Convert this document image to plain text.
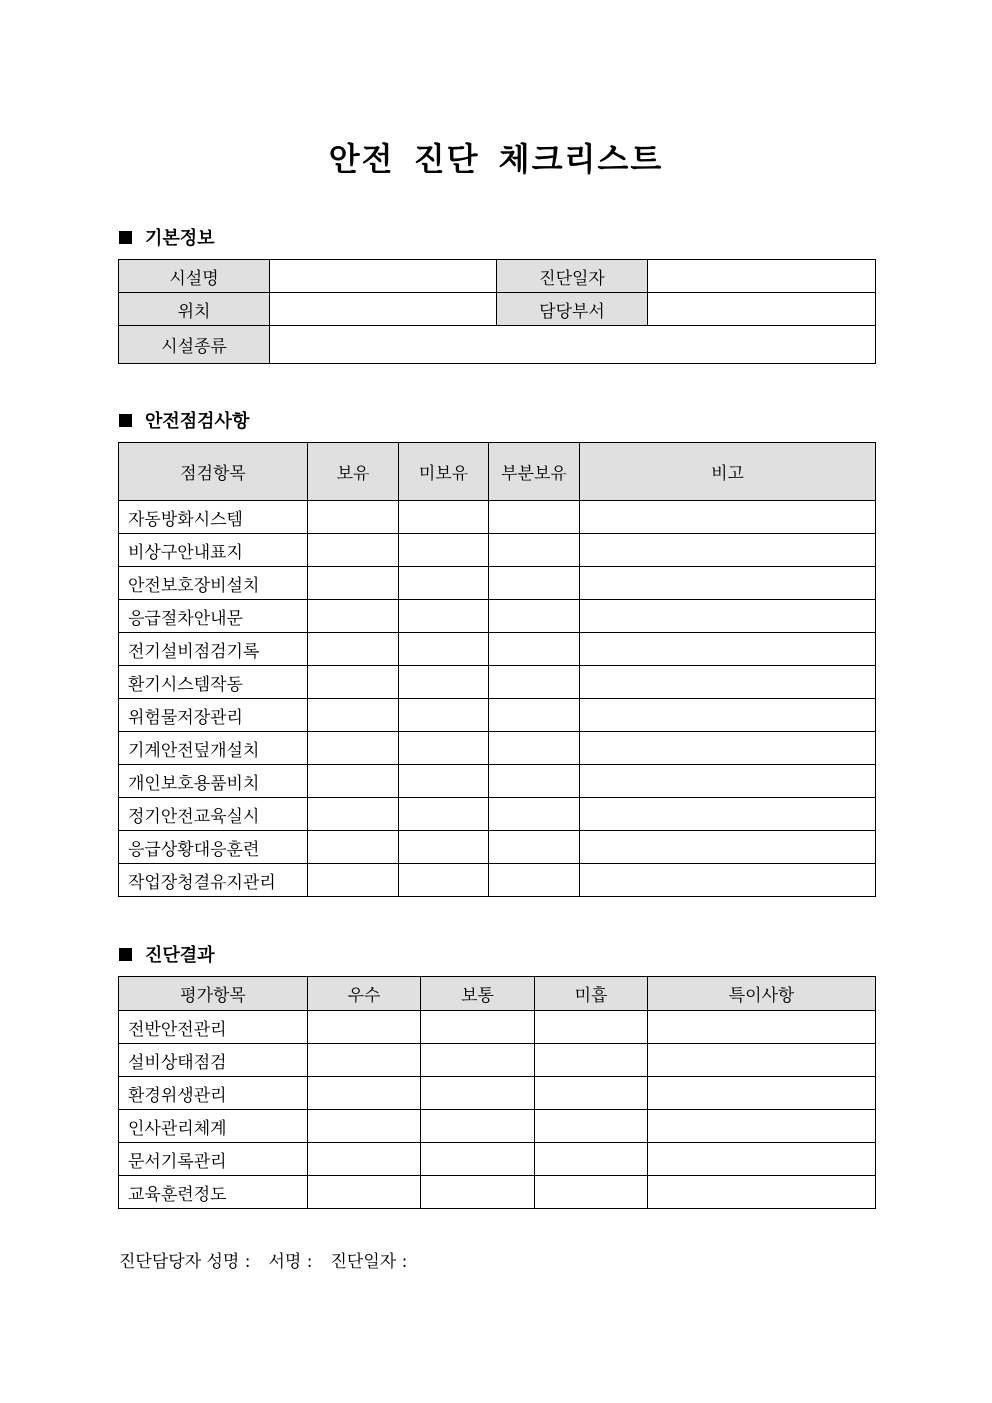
안전 진단 체크리스트
기본정보
시설명		진단일자	
위치		담당부서	
시설종류			
안전점검사항
점검항목	보유	미보유	부분보유	비고
자동방화시스템				
비상구안내표지				
안전보호장비설치				
응급절차안내문				
전기설비점검기록				
환기시스템작동				
위험물저장관리				
기계안전덮개설치				
개인보호용품비치				
정기안전교육실시				
응급상황대응훈련				
작업장청결유지관리				
진단결과
평가항목	우수	보통	미흡	특이사항
전반안전관리				
설비상태점검				
환경위생관리				
인사관리체계				
문서기록관리				
교육훈련정도				
진단담당자 성명 : 서명 : 진단일자 :
